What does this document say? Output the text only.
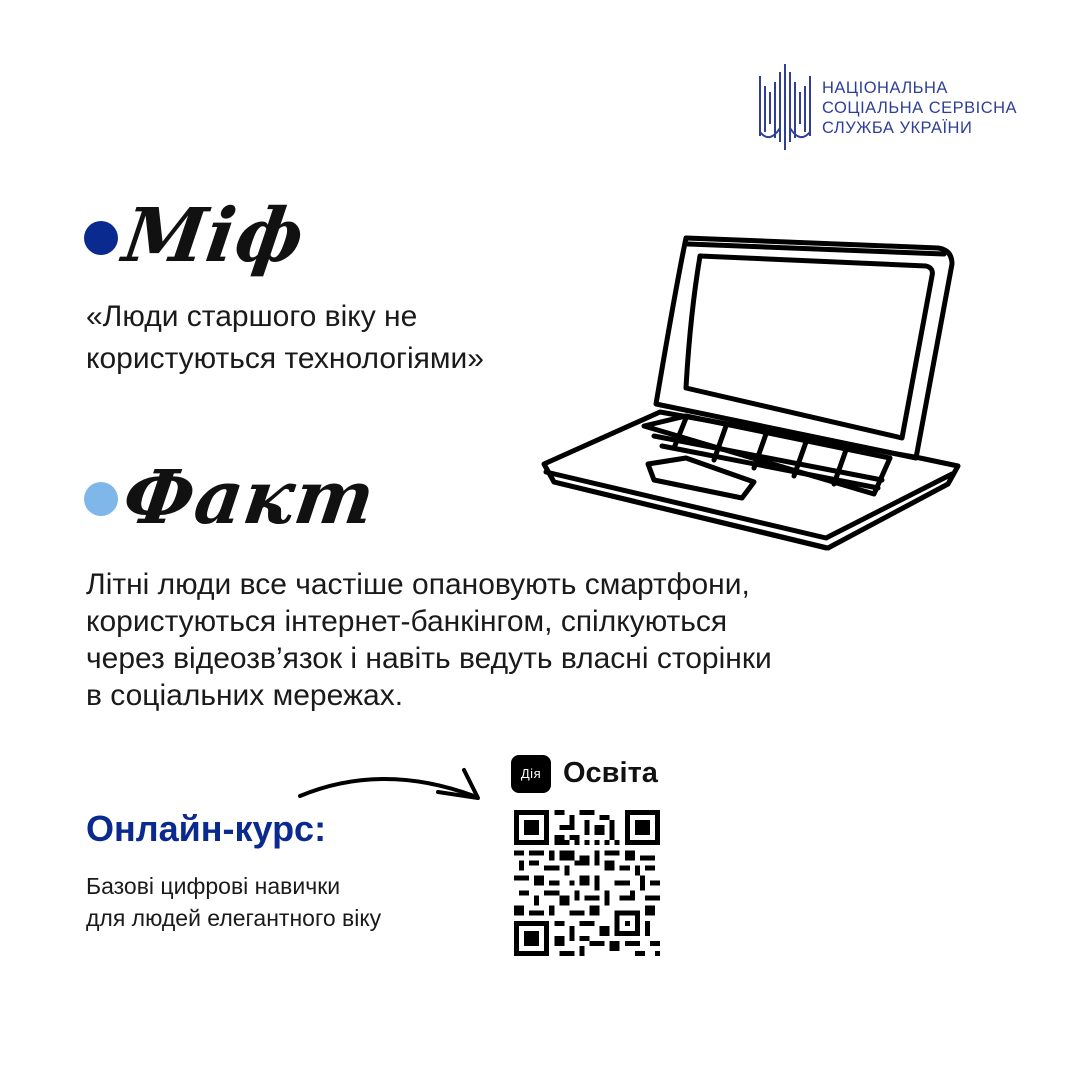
НАЦІОНАЛЬНА
СОЦІАЛЬНА СЕРВІСНА
СЛУЖБА УКРАЇНИ
Міф
«Люди старшого віку не
користуються технологіями»
Факт
Літні люди все частіше опановують смартфони,
користуються інтернет-банкінгом, спілкуються
через відеозв’язок і навіть ведуть власні сторінки
в соціальних мережах.
Онлайн-курс:
Базові цифрові навички
для людей елегантного віку
Дія Освіта
